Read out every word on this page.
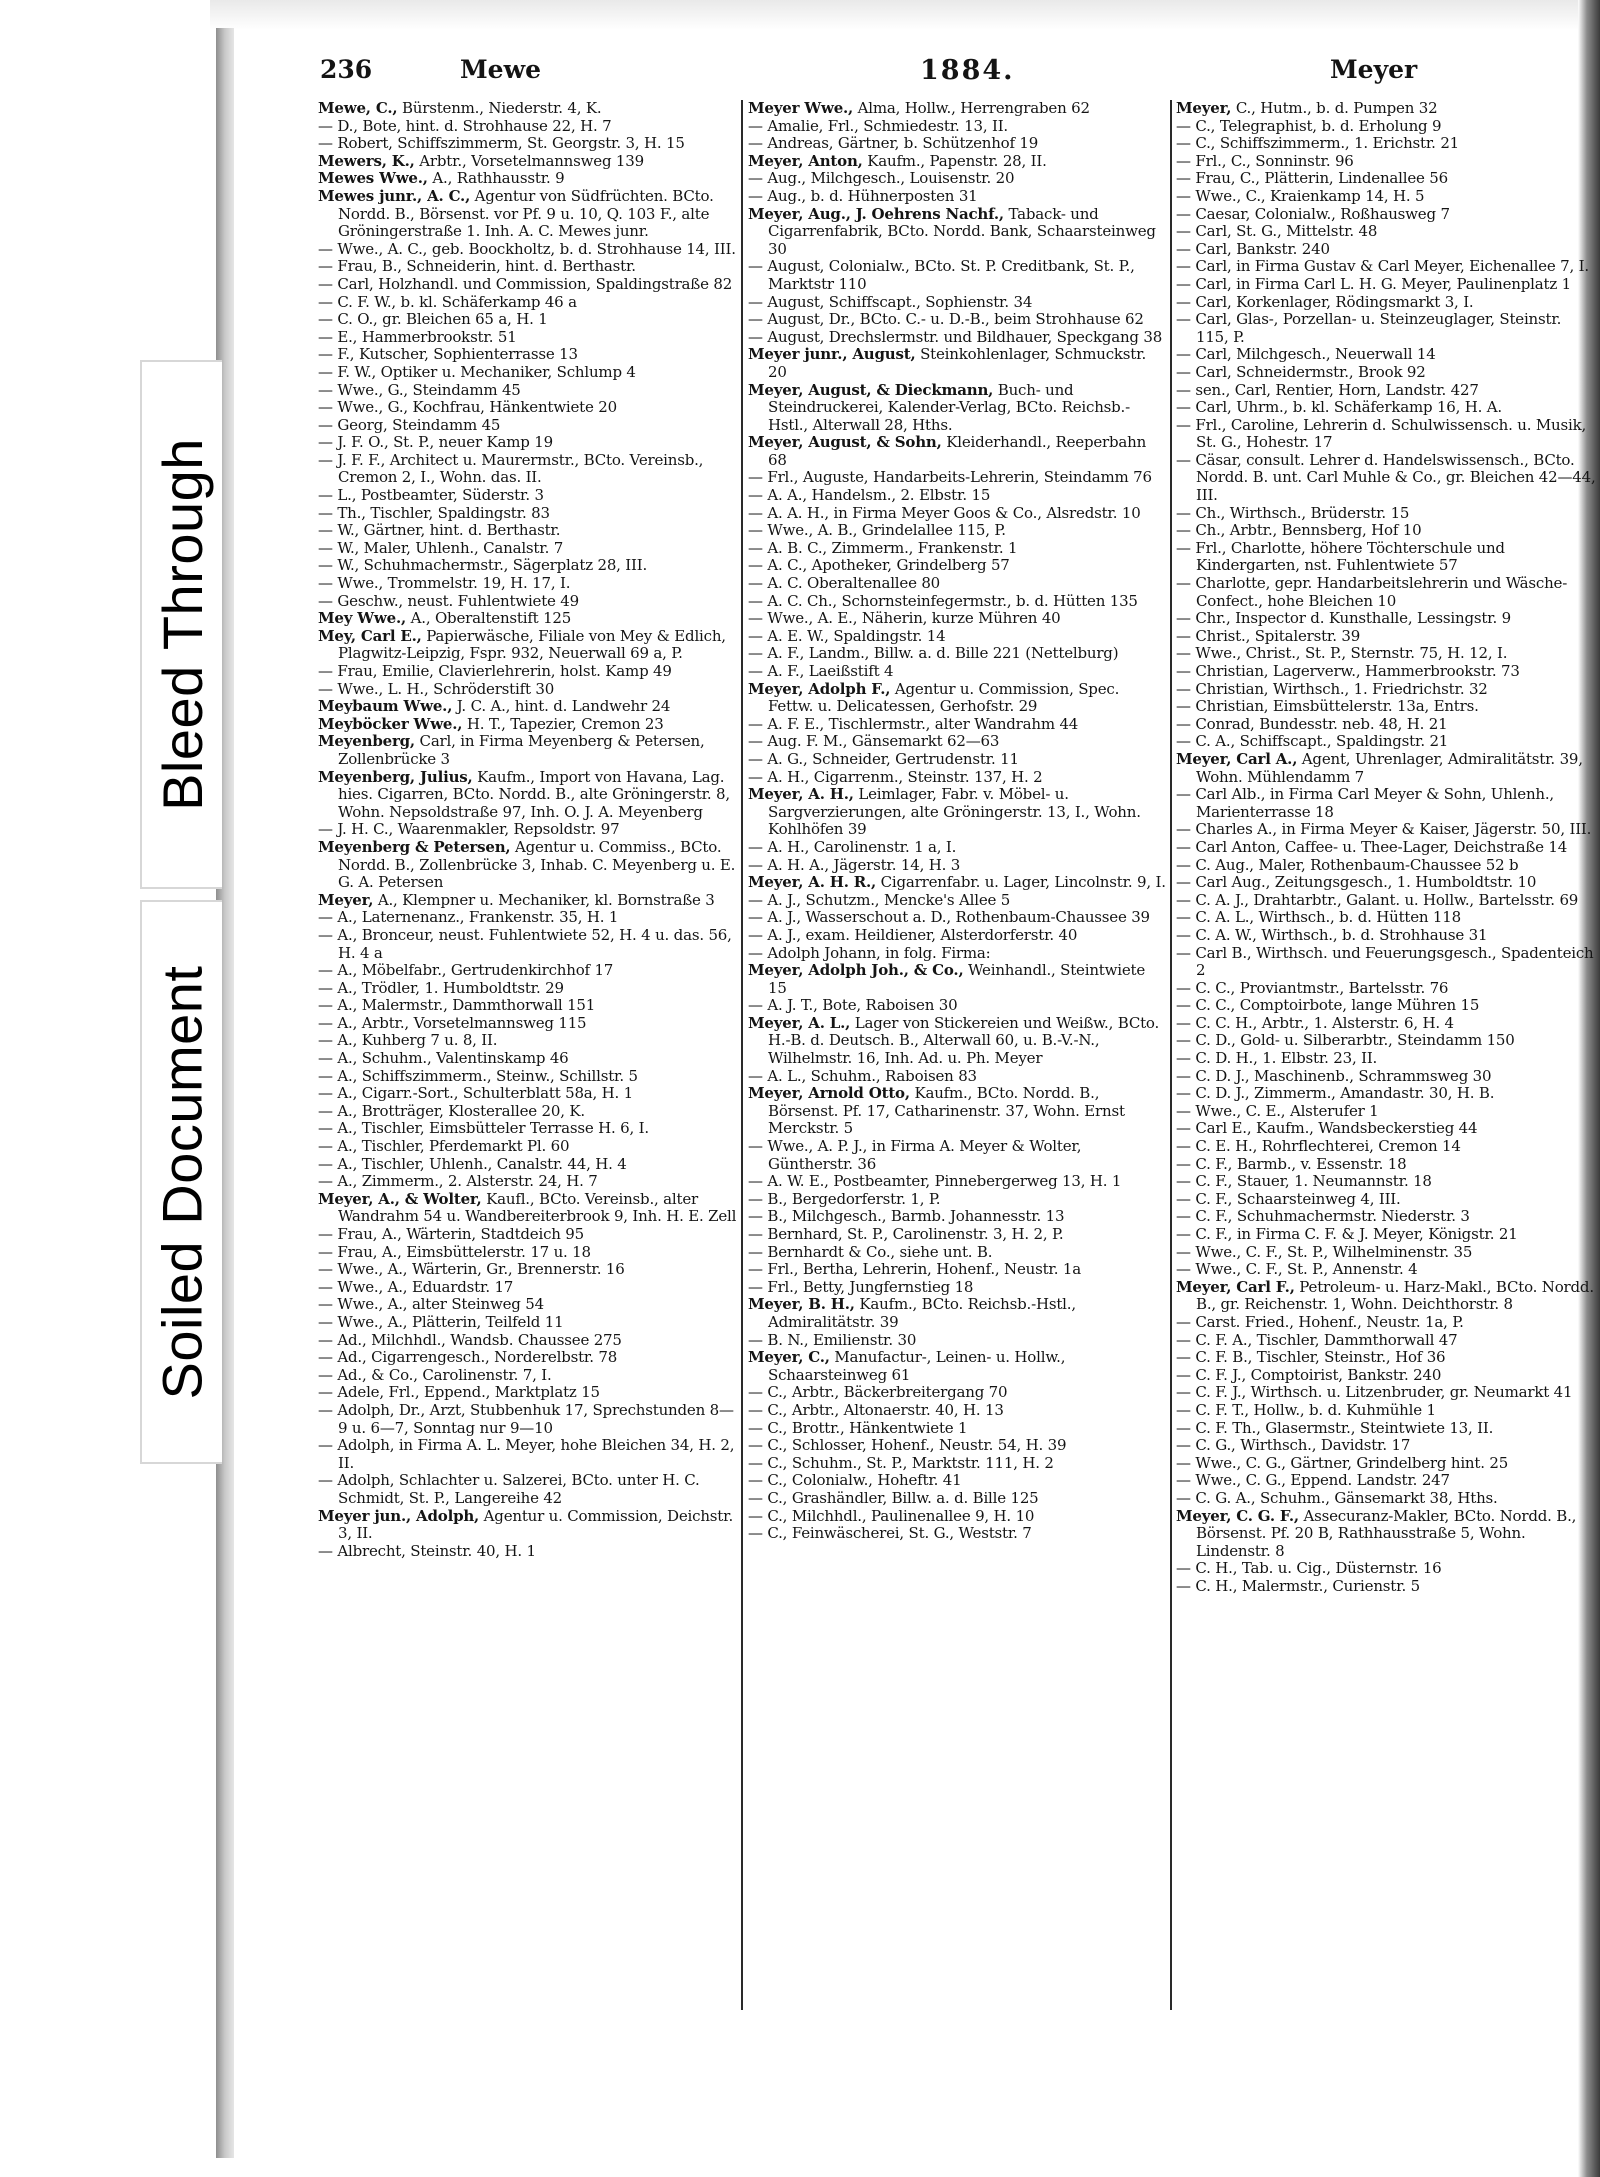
Bleed Through
Soiled Document
236	Mewe	1884.	Meyer

Mewe, C., Bürstenm., Niederstr. 4, K.

— D., Bote, hint. d. Strohhause 22, H. 7

— Robert, Schiffszimmerm, St. Georgstr. 3, H. 15

Mewers, K., Arbtr., Vorsetelmannsweg 139

Mewes Wwe., A., Rathhausstr. 9

Mewes junr., A. C., Agentur von Südfrüchten. BCto. Nordd. B., Börsenst. vor Pf. 9 u. 10, Q. 103 F., alte Gröningerstraße 1. Inh. A. C. Mewes junr.

— Wwe., A. C., geb. Boockholtz, b. d. Strohhause 14, III.

— Frau, B., Schneiderin, hint. d. Berthastr.

— Carl, Holzhandl. und Commission, Spaldingstraße 82

— C. F. W., b. kl. Schäferkamp 46 a

— C. O., gr. Bleichen 65 a, H. 1

— E., Hammerbrookstr. 51

— F., Kutscher, Sophienterrasse 13

— F. W., Optiker u. Mechaniker, Schlump 4

— Wwe., G., Steindamm 45

— Wwe., G., Kochfrau, Hänkentwiete 20

— Georg, Steindamm 45

— J. F. O., St. P., neuer Kamp 19

— J. F. F., Architect u. Maurermstr., BCto. Vereinsb., Cremon 2, I., Wohn. das. II.

— L., Postbeamter, Süderstr. 3

— Th., Tischler, Spaldingstr. 83

— W., Gärtner, hint. d. Berthastr.

— W., Maler, Uhlenh., Canalstr. 7

— W., Schuhmachermstr., Sägerplatz 28, III.

— Wwe., Trommelstr. 19, H. 17, I.

— Geschw., neust. Fuhlentwiete 49

Mey Wwe., A., Oberaltenstift 125

Mey, Carl E., Papierwäsche, Filiale von Mey & Edlich, Plagwitz-Leipzig, Fspr. 932, Neuerwall 69 a, P.

— Frau, Emilie, Clavierlehrerin, holst. Kamp 49

— Wwe., L. H., Schröderstift 30

Meybaum Wwe., J. C. A., hint. d. Landwehr 24

Meyböcker Wwe., H. T., Tapezier, Cremon 23

Meyenberg, Carl, in Firma Meyenberg & Petersen, Zollenbrücke 3

Meyenberg, Julius, Kaufm., Import von Havana, Lag. hies. Cigarren, BCto. Nordd. B., alte Gröningerstr. 8, Wohn. Nepsoldstraße 97, Inh. O. J. A. Meyenberg

— J. H. C., Waarenmakler, Repsoldstr. 97

Meyenberg & Petersen, Agentur u. Commiss., BCto. Nordd. B., Zollenbrücke 3, Inhab. C. Meyenberg u. E. G. A. Petersen

Meyer, A., Klempner u. Mechaniker, kl. Bornstraße 3

— A., Laternenanz., Frankenstr. 35, H. 1

— A., Bronceur, neust. Fuhlentwiete 52, H. 4 u. das. 56, H. 4 a

— A., Möbelfabr., Gertrudenkirchhof 17

— A., Trödler, 1. Humboldtstr. 29

— A., Malermstr., Dammthorwall 151

— A., Arbtr., Vorsetelmannsweg 115

— A., Kuhberg 7 u. 8, II.

— A., Schuhm., Valentinskamp 46

— A., Schiffszimmerm., Steinw., Schillstr. 5

— A., Cigarr.-Sort., Schulterblatt 58a, H. 1

— A., Brotträger, Klosterallee 20, K.

— A., Tischler, Eimsbütteler Terrasse H. 6, I.

— A., Tischler, Pferdemarkt Pl. 60

— A., Tischler, Uhlenh., Canalstr. 44, H. 4

— A., Zimmerm., 2. Alsterstr. 24, H. 7

Meyer, A., & Wolter, Kaufl., BCto. Vereinsb., alter Wandrahm 54 u. Wandbereiterbrook 9, Inh. H. E. Zell

— Frau, A., Wärterin, Stadtdeich 95

— Frau, A., Eimsbüttelerstr. 17 u. 18

— Wwe., A., Wärterin, Gr., Brennerstr. 16

— Wwe., A., Eduardstr. 17

— Wwe., A., alter Steinweg 54

— Wwe., A., Plätterin, Teilfeld 11

— Ad., Milchhdl., Wandsb. Chaussee 275

— Ad., Cigarrengesch., Norderelbstr. 78

— Ad., & Co., Carolinenstr. 7, I.

— Adele, Frl., Eppend., Marktplatz 15

— Adolph, Dr., Arzt, Stubbenhuk 17, Sprechstunden 8—9 u. 6—7, Sonntag nur 9—10

— Adolph, in Firma A. L. Meyer, hohe Bleichen 34, H. 2, II.

— Adolph, Schlachter u. Salzerei, BCto. unter H. C. Schmidt, St. P., Langereihe 42

Meyer jun., Adolph, Agentur u. Commission, Deichstr. 3, II.

— Albrecht, Steinstr. 40, H. 1

Meyer Wwe., Alma, Hollw., Herrengraben 62

— Amalie, Frl., Schmiedestr. 13, II.

— Andreas, Gärtner, b. Schützenhof 19

Meyer, Anton, Kaufm., Papenstr. 28, II.

— Aug., Milchgesch., Louisenstr. 20

— Aug., b. d. Hühnerposten 31

Meyer, Aug., J. Oehrens Nachf., Taback- und Cigarrenfabrik, BCto. Nordd. Bank, Schaarsteinweg 30

— August, Colonialw., BCto. St. P. Creditbank, St. P., Marktstr 110

— August, Schiffscapt., Sophienstr. 34

— August, Dr., BCto. C.- u. D.-B., beim Strohhause 62

— August, Drechslermstr. und Bildhauer, Speckgang 38

Meyer junr., August, Steinkohlenlager, Schmuckstr. 20

Meyer, August, & Dieckmann, Buch- und Steindruckerei, Kalender-Verlag, BCto. Reichsb.-Hstl., Alterwall 28, Hths.

Meyer, August, & Sohn, Kleiderhandl., Reeperbahn 68

— Frl., Auguste, Handarbeits-Lehrerin, Steindamm 76

— A. A., Handelsm., 2. Elbstr. 15

— A. A. H., in Firma Meyer Goos & Co., Alsredstr. 10

— Wwe., A. B., Grindelallee 115, P.

— A. B. C., Zimmerm., Frankenstr. 1

— A. C., Apotheker, Grindelberg 57

— A. C. Oberaltenallee 80

— A. C. Ch., Schornsteinfegermstr., b. d. Hütten 135

— Wwe., A. E., Näherin, kurze Mühren 40

— A. E. W., Spaldingstr. 14

— A. F., Landm., Billw. a. d. Bille 221 (Nettelburg)

— A. F., Laeißstift 4

Meyer, Adolph F., Agentur u. Commission, Spec. Fettw. u. Delicatessen, Gerhofstr. 29

— A. F. E., Tischlermstr., alter Wandrahm 44

— Aug. F. M., Gänsemarkt 62—63

— A. G., Schneider, Gertrudenstr. 11

— A. H., Cigarrenm., Steinstr. 137, H. 2

Meyer, A. H., Leimlager, Fabr. v. Möbel- u. Sargverzierungen, alte Gröningerstr. 13, I., Wohn. Kohlhöfen 39

— A. H., Carolinenstr. 1 a, I.

— A. H. A., Jägerstr. 14, H. 3

Meyer, A. H. R., Cigarrenfabr. u. Lager, Lincolnstr. 9, I.

— A. J., Schutzm., Mencke's Allee 5

— A. J., Wasserschout a. D., Rothenbaum-Chaussee 39

— A. J., exam. Heildiener, Alsterdorferstr. 40

— Adolph Johann, in folg. Firma:

Meyer, Adolph Joh., & Co., Weinhandl., Steintwiete 15

— A. J. T., Bote, Raboisen 30

Meyer, A. L., Lager von Stickereien und Weißw., BCto. H.-B. d. Deutsch. B., Alterwall 60, u. B.-V.-N., Wilhelmstr. 16, Inh. Ad. u. Ph. Meyer

— A. L., Schuhm., Raboisen 83

Meyer, Arnold Otto, Kaufm., BCto. Nordd. B., Börsenst. Pf. 17, Catharinenstr. 37, Wohn. Ernst Merckstr. 5

— Wwe., A. P. J., in Firma A. Meyer & Wolter, Güntherstr. 36

— A. W. E., Postbeamter, Pinnebergerweg 13, H. 1

— B., Bergedorferstr. 1, P.

— B., Milchgesch., Barmb. Johannesstr. 13

— Bernhard, St. P., Carolinenstr. 3, H. 2, P.

— Bernhardt & Co., siehe unt. B.

— Frl., Bertha, Lehrerin, Hohenf., Neustr. 1a

— Frl., Betty, Jungfernstieg 18

Meyer, B. H., Kaufm., BCto. Reichsb.-Hstl., Admiralitätstr. 39

— B. N., Emilienstr. 30

Meyer, C., Manufactur-, Leinen- u. Hollw., Schaarsteinweg 61

— C., Arbtr., Bäckerbreitergang 70

— C., Arbtr., Altonaerstr. 40, H. 13

— C., Brottr., Hänkentwiete 1

— C., Schlosser, Hohenf., Neustr. 54, H. 39

— C., Schuhm., St. P., Marktstr. 111, H. 2

— C., Colonialw., Hoheftr. 41

— C., Grashändler, Billw. a. d. Bille 125

— C., Milchhdl., Paulinenallee 9, H. 10

— C., Feinwäscherei, St. G., Weststr. 7

Meyer, C., Hutm., b. d. Pumpen 32

— C., Telegraphist, b. d. Erholung 9

— C., Schiffszimmerm., 1. Erichstr. 21

— Frl., C., Sonninstr. 96

— Frau, C., Plätterin, Lindenallee 56

— Wwe., C., Kraienkamp 14, H. 5

— Caesar, Colonialw., Roßhausweg 7

— Carl, St. G., Mittelstr. 48

— Carl, Bankstr. 240

— Carl, in Firma Gustav & Carl Meyer, Eichenallee 7, I.

— Carl, in Firma Carl L. H. G. Meyer, Paulinenplatz 1

— Carl, Korkenlager, Rödingsmarkt 3, I.

— Carl, Glas-, Porzellan- u. Steinzeuglager, Steinstr. 115, P.

— Carl, Milchgesch., Neuerwall 14

— Carl, Schneidermstr., Brook 92

— sen., Carl, Rentier, Horn, Landstr. 427

— Carl, Uhrm., b. kl. Schäferkamp 16, H. A.

— Frl., Caroline, Lehrerin d. Schulwissensch. u. Musik, St. G., Hohestr. 17

— Cäsar, consult. Lehrer d. Handelswissensch., BCto. Nordd. B. unt. Carl Muhle & Co., gr. Bleichen 42—44, III.

— Ch., Wirthsch., Brüderstr. 15

— Ch., Arbtr., Bennsberg, Hof 10

— Frl., Charlotte, höhere Töchterschule und Kindergarten, nst. Fuhlentwiete 57

— Charlotte, gepr. Handarbeitslehrerin und Wäsche-Confect., hohe Bleichen 10

— Chr., Inspector d. Kunsthalle, Lessingstr. 9

— Christ., Spitalerstr. 39

— Wwe., Christ., St. P., Sternstr. 75, H. 12, I.

— Christian, Lagerverw., Hammerbrookstr. 73

— Christian, Wirthsch., 1. Friedrichstr. 32

— Christian, Eimsbüttelerstr. 13a, Entrs.

— Conrad, Bundesstr. neb. 48, H. 21

— C. A., Schiffscapt., Spaldingstr. 21

Meyer, Carl A., Agent, Uhrenlager, Admiralitätstr. 39, Wohn. Mühlendamm 7

— Carl Alb., in Firma Carl Meyer & Sohn, Uhlenh., Marienterrasse 18

— Charles A., in Firma Meyer & Kaiser, Jägerstr. 50, III.

— Carl Anton, Caffee- u. Thee-Lager, Deichstraße 14

— C. Aug., Maler, Rothenbaum-Chaussee 52 b

— Carl Aug., Zeitungsgesch., 1. Humboldtstr. 10

— C. A. J., Drahtarbtr., Galant. u. Hollw., Bartelsstr. 69

— C. A. L., Wirthsch., b. d. Hütten 118

— C. A. W., Wirthsch., b. d. Strohhause 31

— Carl B., Wirthsch. und Feuerungsgesch., Spadenteich 2

— C. C., Proviantmstr., Bartelsstr. 76

— C. C., Comptoirbote, lange Mühren 15

— C. C. H., Arbtr., 1. Alsterstr. 6, H. 4

— C. D., Gold- u. Silberarbtr., Steindamm 150

— C. D. H., 1. Elbstr. 23, II.

— C. D. J., Maschinenb., Schrammsweg 30

— C. D. J., Zimmerm., Amandastr. 30, H. B.

— Wwe., C. E., Alsterufer 1

— Carl E., Kaufm., Wandsbeckerstieg 44

— C. E. H., Rohrflechterei, Cremon 14

— C. F., Barmb., v. Essenstr. 18

— C. F., Stauer, 1. Neumannstr. 18

— C. F., Schaarsteinweg 4, III.

— C. F., Schuhmachermstr. Niederstr. 3

— C. F., in Firma C. F. & J. Meyer, Königstr. 21

— Wwe., C. F., St. P., Wilhelminenstr. 35

— Wwe., C. F., St. P., Annenstr. 4

Meyer, Carl F., Petroleum- u. Harz-Makl., BCto. Nordd. B., gr. Reichenstr. 1, Wohn. Deichthorstr. 8

— Carst. Fried., Hohenf., Neustr. 1a, P.

— C. F. A., Tischler, Dammthorwall 47

— C. F. B., Tischler, Steinstr., Hof 36

— C. F. J., Comptoirist, Bankstr. 240

— C. F. J., Wirthsch. u. Litzenbruder, gr. Neumarkt 41

— C. F. T., Hollw., b. d. Kuhmühle 1

— C. F. Th., Glasermstr., Steintwiete 13, II.

— C. G., Wirthsch., Davidstr. 17

— Wwe., C. G., Gärtner, Grindelberg hint. 25

— Wwe., C. G., Eppend. Landstr. 247

— C. G. A., Schuhm., Gänsemarkt 38, Hths.

Meyer, C. G. F., Assecuranz-Makler, BCto. Nordd. B., Börsenst. Pf. 20 B, Rathhausstraße 5, Wohn. Lindenstr. 8

— C. H., Tab. u. Cig., Düsternstr. 16

— C. H., Malermstr., Curienstr. 5
